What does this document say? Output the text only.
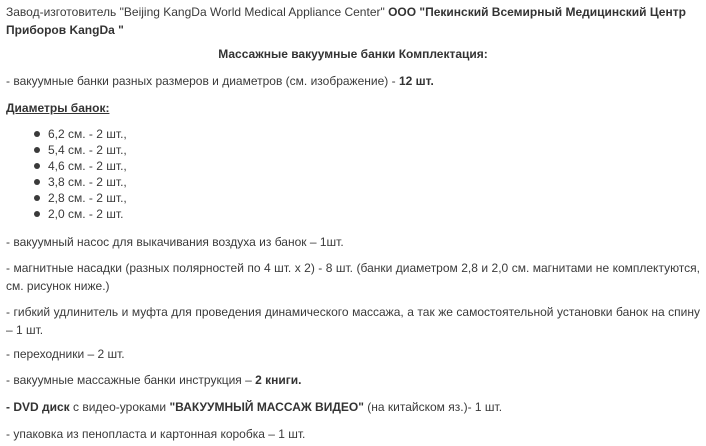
Завод-изготовитель "Beijing KangDa World Medical Appliance Center" ООО "Пекинский Всемирный Медицинский Центр Приборов KangDa "

Массажные вакуумные банки Комплектация:

- вакуумные банки разных размеров и диаметров (см. изображение) - 12 шт.

Диаметры банок:

6,2 см. - 2 шт.,
5,4 см. - 2 шт.,
4,6 см. - 2 шт.,
3,8 см. - 2 шт.,
2,8 см. - 2 шт.,
2,0 см. - 2 шт.

- вакуумный насос для выкачивания воздуха из банок – 1шт.

- магнитные насадки (разных полярностей по 4 шт. х 2) - 8 шт. (банки диаметром 2,8 и 2,0 см. магнитами не комплектуются, см. рисунок ниже.)

- гибкий удлинитель и муфта для проведения динамического массажа, а так же самостоятельной установки банок на спину – 1 шт.

- переходники – 2 шт.

- вакуумные массажные банки инструкция – 2 книги.

- DVD диск с видео-уроками "ВАКУУМНЫЙ МАССАЖ ВИДЕО" (на китайском яз.)- 1 шт.

- упаковка из пенопласта и картонная коробка – 1 шт.
